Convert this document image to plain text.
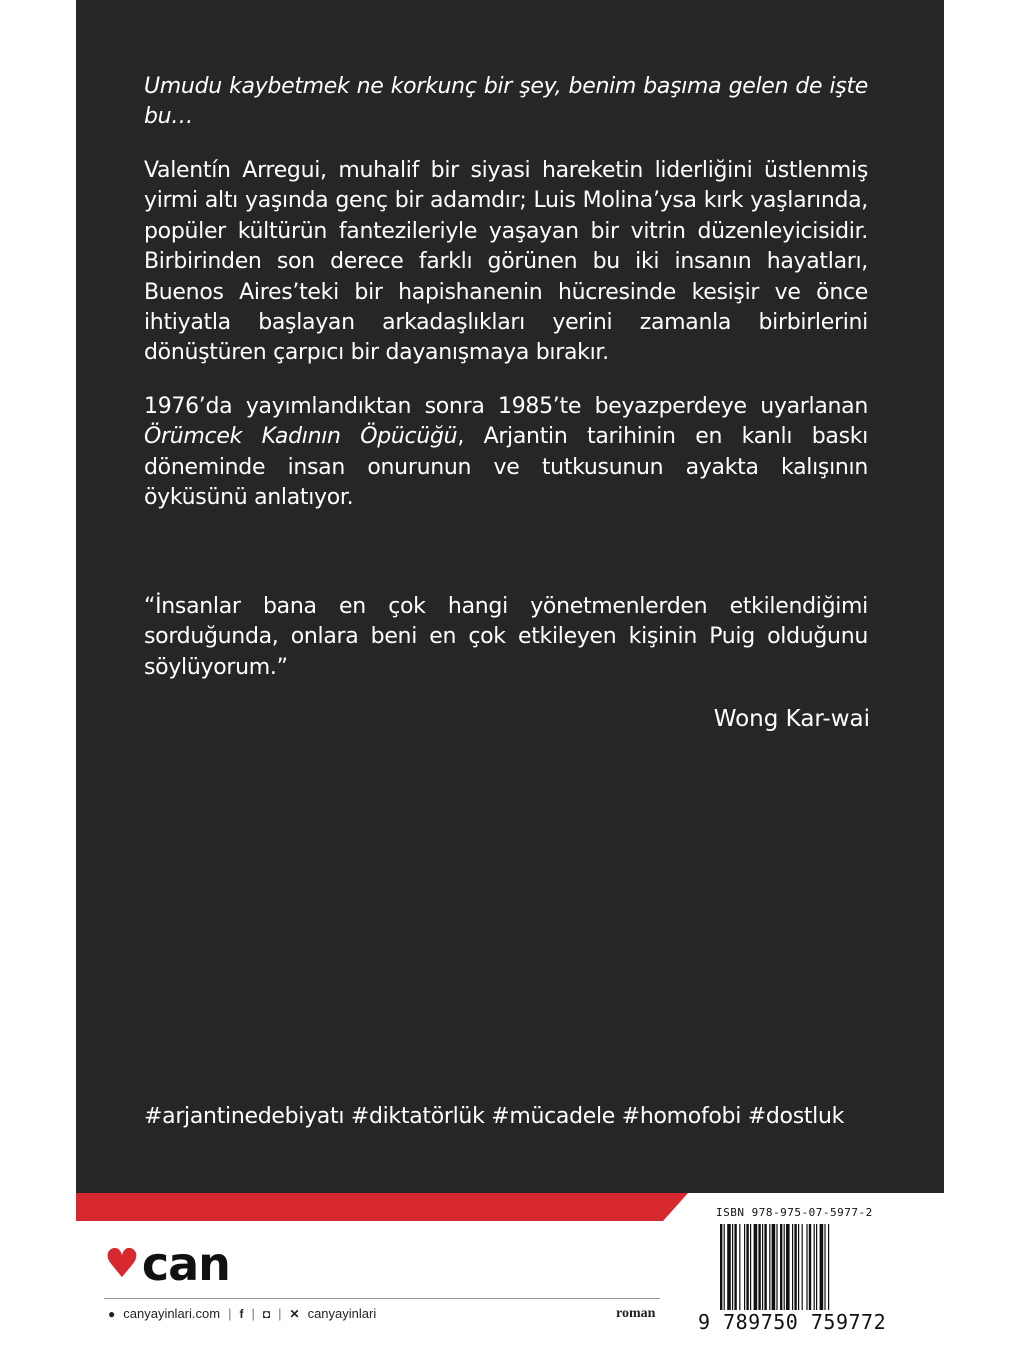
Umudu kaybetmek ne korkunç bir şey, benim başıma gelen de işte bu…
Valentín Arregui, muhalif bir siyasi hareketin liderliğini üstlenmiş yirmi altı yaşında genç bir adamdır; Luis Molina’ysa kırk yaşlarında, popüler kültürün fantezileriyle yaşayan bir vitrin düzenleyicisidir. Birbirinden son derece farklı görünen bu iki insanın hayatları, Buenos Aires’teki bir hapishanenin hücresinde kesişir ve önce ihtiyatla başlayan arkadaşlıkları yerini zamanla birbirlerini dönüştüren çarpıcı bir dayanışmaya bırakır.
1976’da yayımlandıktan sonra 1985’te beyazperdeye uyarlanan Örümcek Kadının Öpücüğü, Arjantin tarihinin en kanlı baskı döneminde insan onurunun ve tutkusunun ayakta kalışının öyküsünü anlatıyor.
“İnsanlar bana en çok hangi yönetmenlerden etkilendiğimi sorduğunda, onlara beni en çok etkileyen kişinin Puig olduğunu söylüyorum.”
Wong Kar-wai
#arjantinedebiyatı #diktatörlük #mücadele #homofobi #dostluk
♥ can
● canyayinlari.com | f | ◘ | ✕ canyayinlari	roman
ISBN 978-975-07-5977-2
9 789750 759772
